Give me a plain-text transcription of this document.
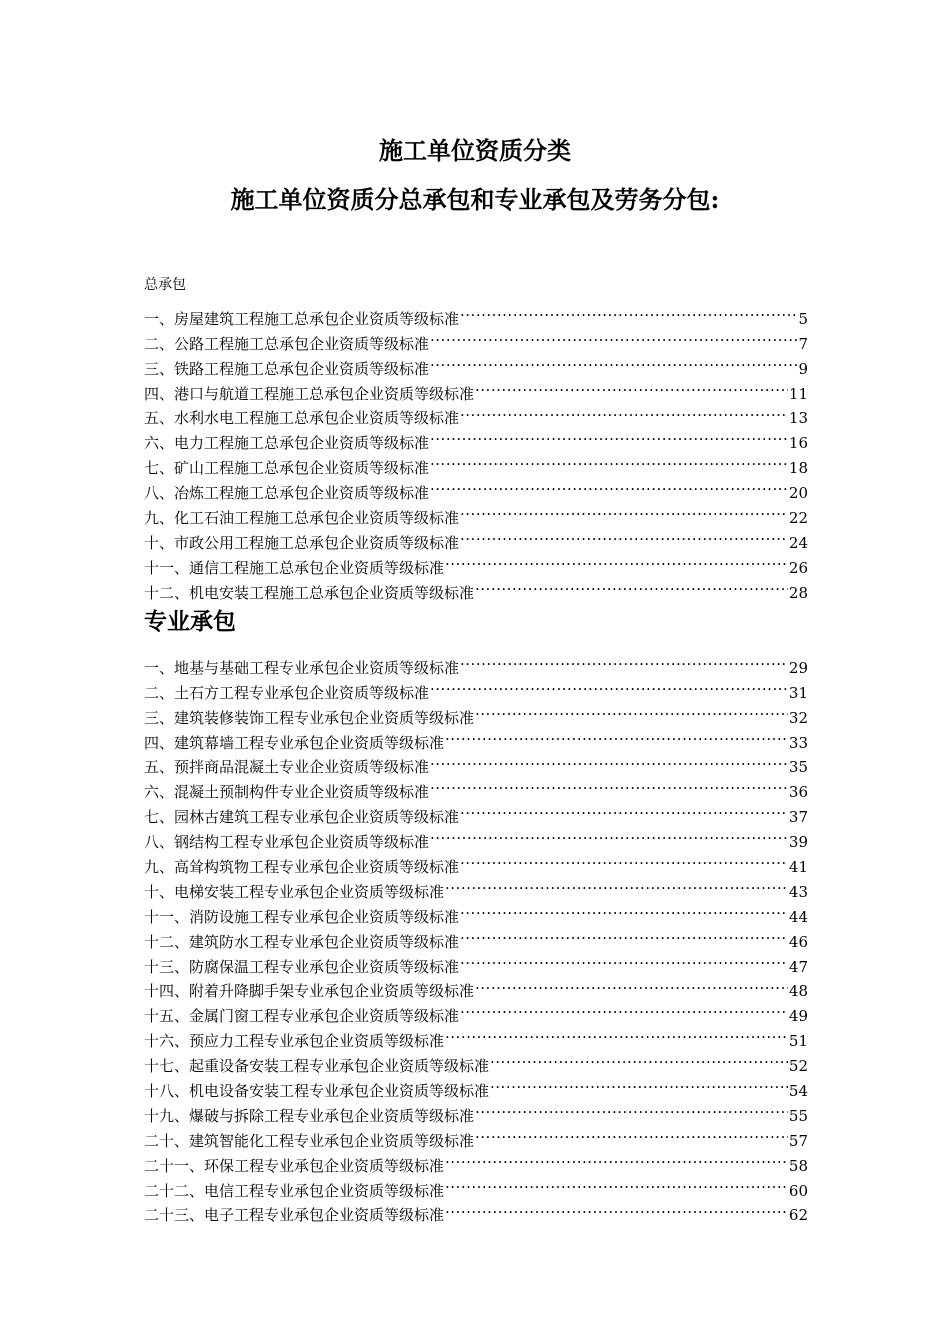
施工单位资质分类
施工单位资质分总承包和专业承包及劳务分包:
总承包
一、房屋建筑工程施工总承包企业资质等级标准 .....	5
二、公路工程施工总承包企业资质等级标准 .....	7
三、铁路工程施工总承包企业资质等级标准 .....	9
四、港口与航道工程施工总承包企业资质等级标准 .....	11
五、水利水电工程施工总承包企业资质等级标准 .....	13
六、电力工程施工总承包企业资质等级标准 .....	16
七、矿山工程施工总承包企业资质等级标准 .....	18
八、冶炼工程施工总承包企业资质等级标准 .....	20
九、化工石油工程施工总承包企业资质等级标准 .....	22
十、市政公用工程施工总承包企业资质等级标准 .....	24
十一、通信工程施工总承包企业资质等级标准 .....	26
十二、机电安装工程施工总承包企业资质等级标准 .....	28
专业承包
一、地基与基础工程专业承包企业资质等级标准 .....	29
二、土石方工程专业承包企业资质等级标准 .....	31
三、建筑装修装饰工程专业承包企业资质等级标准 .....	32
四、建筑幕墙工程专业承包企业资质等级标准 .....	33
五、预拌商品混凝土专业企业资质等级标准 .....	35
六、混凝土预制构件专业企业资质等级标准 .....	36
七、园林古建筑工程专业承包企业资质等级标准 .....	37
八、钢结构工程专业承包企业资质等级标准 .....	39
九、高耸构筑物工程专业承包企业资质等级标准 .....	41
十、电梯安装工程专业承包企业资质等级标准 .....	43
十一、消防设施工程专业承包企业资质等级标准 .....	44
十二、建筑防水工程专业承包企业资质等级标准 .....	46
十三、防腐保温工程专业承包企业资质等级标准 .....	47
十四、附着升降脚手架专业承包企业资质等级标准 .....	48
十五、金属门窗工程专业承包企业资质等级标准 .....	49
十六、预应力工程专业承包企业资质等级标准 .....	51
十七、起重设备安装工程专业承包企业资质等级标准 .....	52
十八、机电设备安装工程专业承包企业资质等级标准 .....	54
十九、爆破与拆除工程专业承包企业资质等级标准 .....	55
二十、建筑智能化工程专业承包企业资质等级标准 .....	57
二十一、环保工程专业承包企业资质等级标准 .....	58
二十二、电信工程专业承包企业资质等级标准 .....	60
二十三、电子工程专业承包企业资质等级标准 .....	62
